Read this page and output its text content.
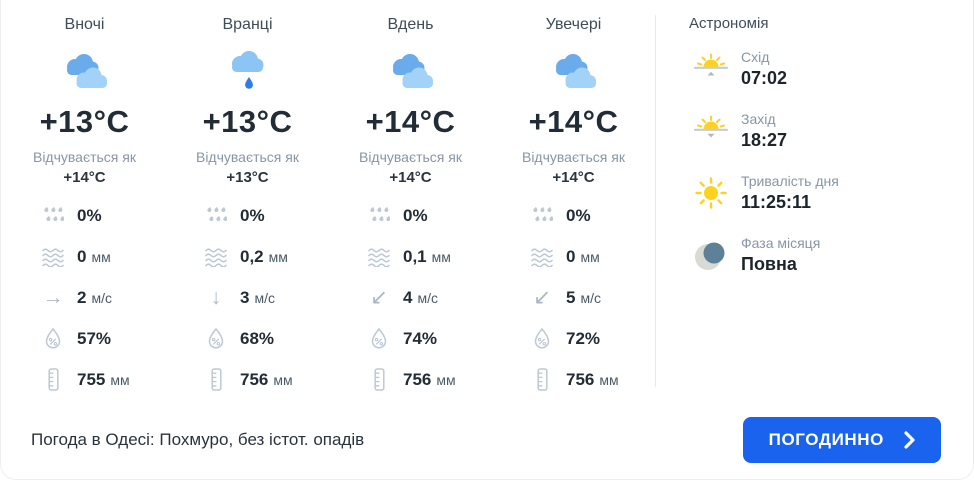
Вночі
+13°C
Відчувається як
+14°C
0%
0 мм
→ 2 м/с
57%
755 мм
Вранці
+13°C
Відчувається як
+13°C
0%
0,2 мм
↓	3 м/с
68%
756 мм
Вдень
+14°C
Відчувається як
+14°C
0%
0,1 мм
↙ 4 м/с
74%
756 мм
Увечері
+14°C
Відчувається як
+14°C
0%
0 мм
↙ 5 м/с
72%
756 мм
Астрономія
Схід
07:02
Захід
18:27
Тривалість дня
11:25:11
Фаза місяця
Повна
Погода в Одесі: Похмуро, без істот. опадів	ПОГОДИННО
